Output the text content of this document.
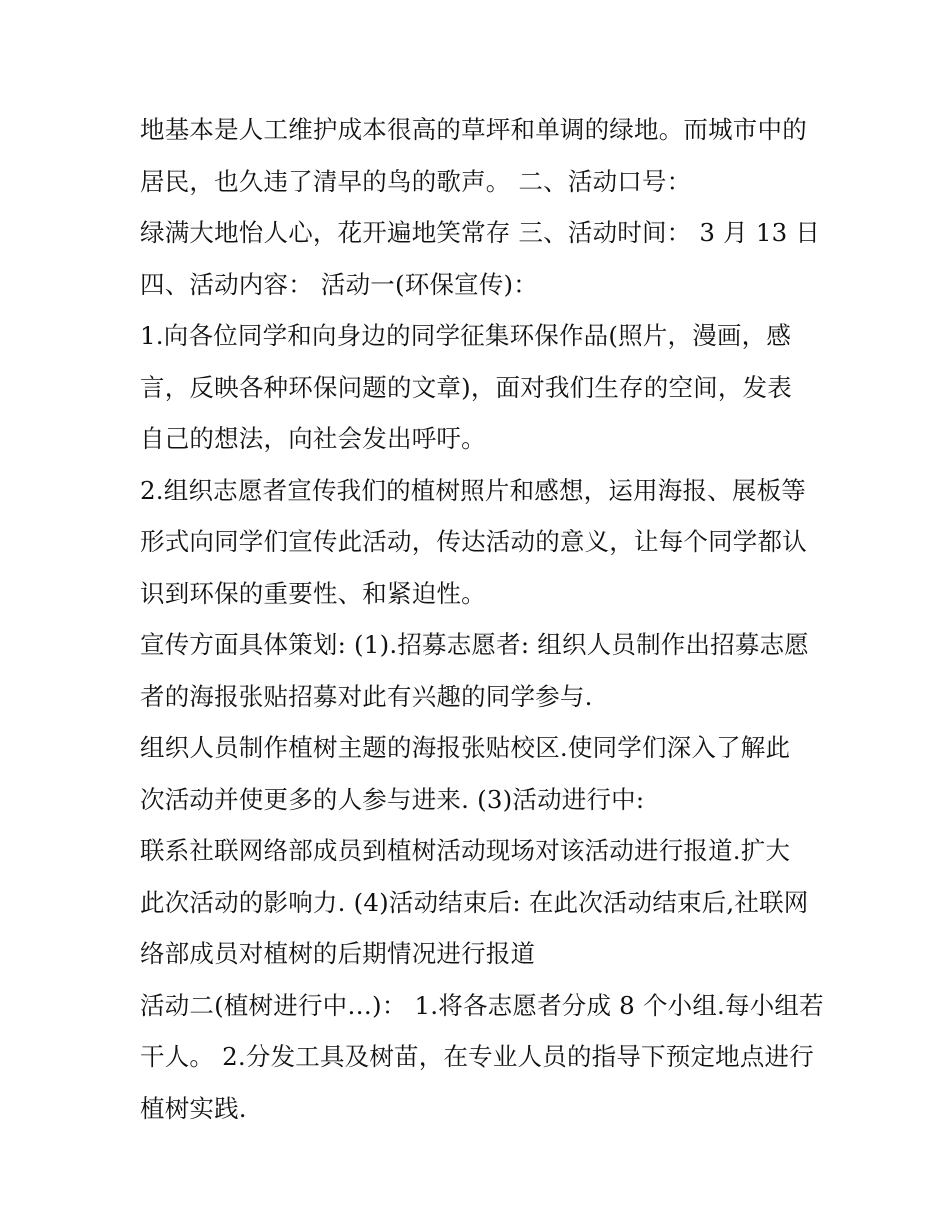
地基本是人工维护成本很高的草坪和单调的绿地。而城市中的
居民，也久违了清早的鸟的歌声。 二、活动口号：
绿满大地怡人心，花开遍地笑常存 三、活动时间： 3 月 13 日
四、活动内容： 活动一(环保宣传)：
1.向各位同学和向身边的同学征集环保作品(照片，漫画，感
言，反映各种环保问题的文章)，面对我们生存的空间，发表
自己的想法，向社会发出呼吁。
2.组织志愿者宣传我们的植树照片和感想，运用海报、展板等
形式向同学们宣传此活动，传达活动的意义，让每个同学都认
识到环保的重要性、和紧迫性。
宣传方面具体策划: (1).招募志愿者: 组织人员制作出招募志愿
者的海报张贴招募对此有兴趣的同学参与.
组织人员制作植树主题的海报张贴校区.使同学们深入了解此
次活动并使更多的人参与进来. (3)活动进行中:
联系社联网络部成员到植树活动现场对该活动进行报道.扩大
此次活动的影响力. (4)活动结束后: 在此次活动结束后,社联网
络部成员对植树的后期情况进行报道
活动二(植树进行中…)： 1.将各志愿者分成 8 个小组.每小组若
干人。 2.分发工具及树苗，在专业人员的指导下预定地点进行
植树实践.
